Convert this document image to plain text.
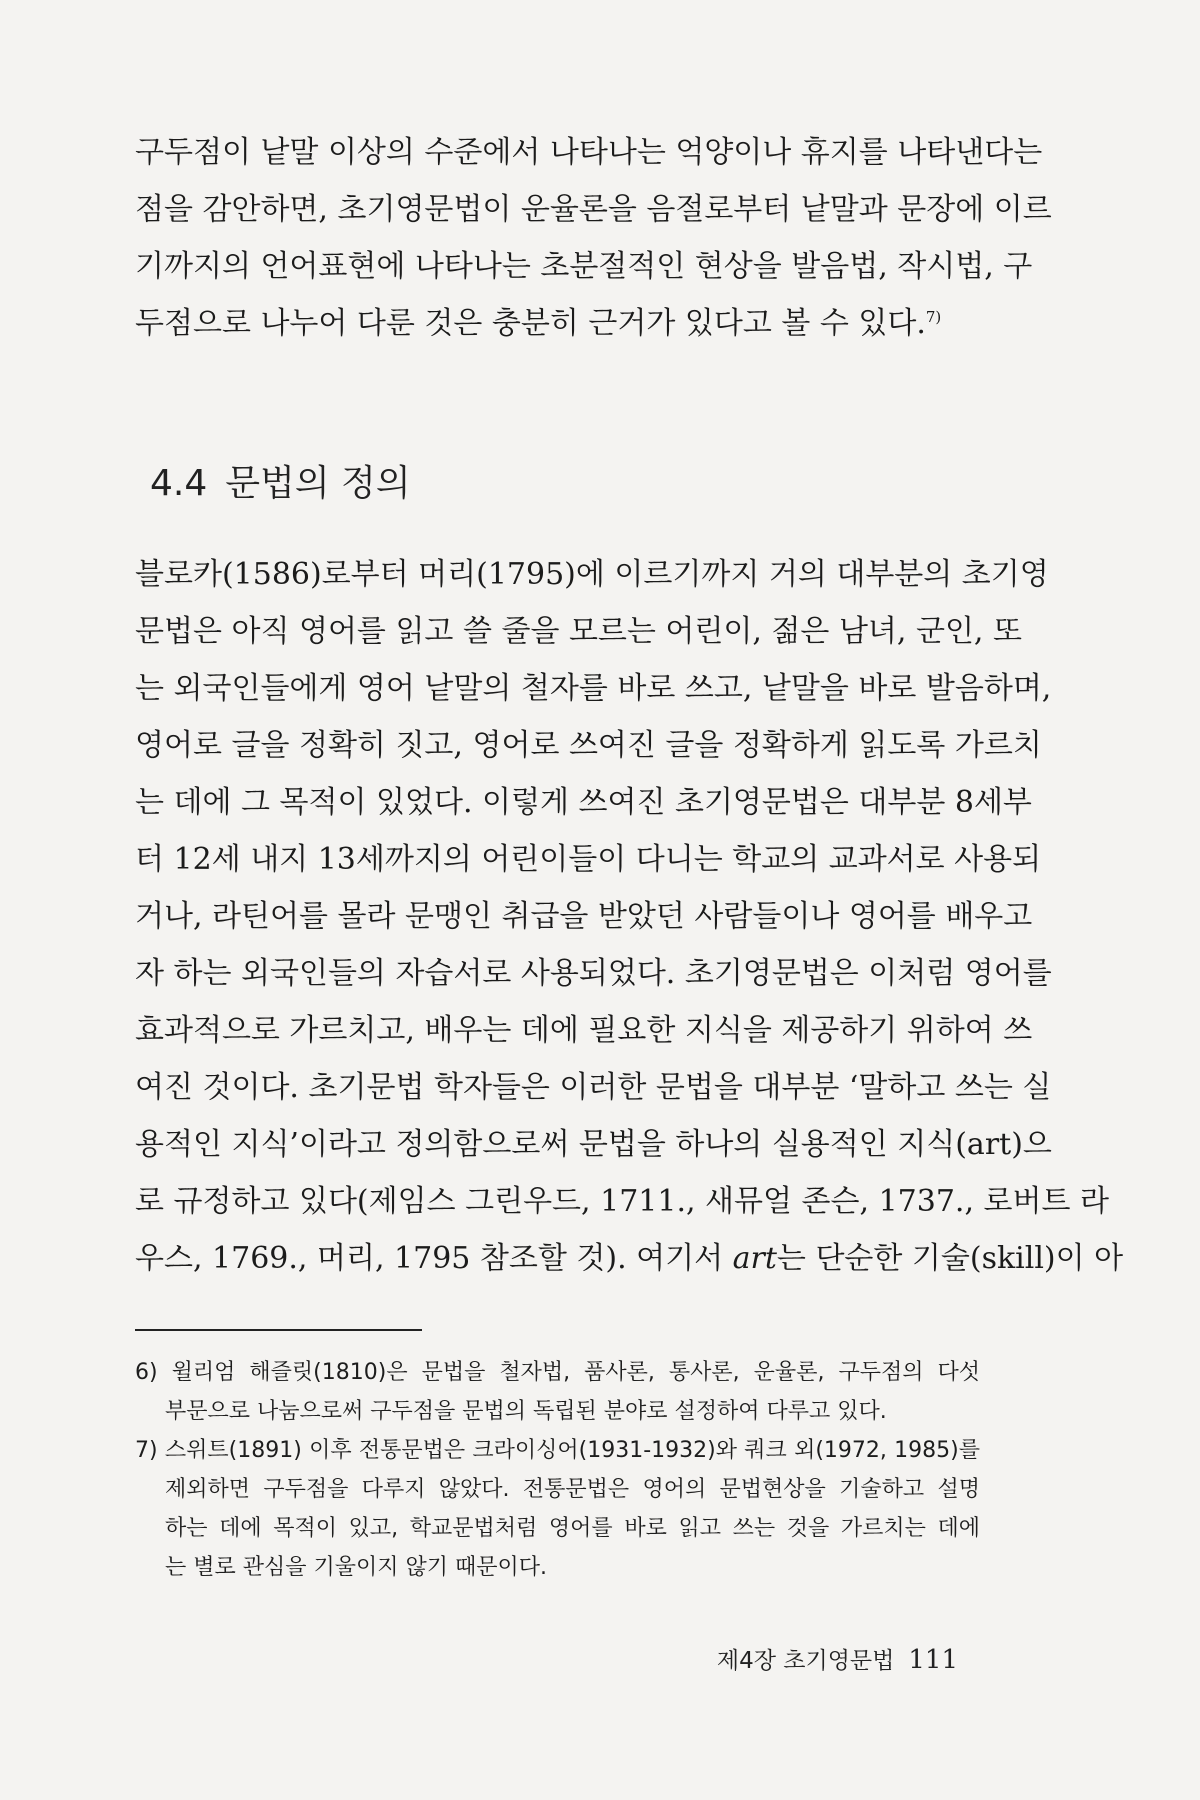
구두점이 낱말 이상의 수준에서 나타나는 억양이나 휴지를 나타낸다는
점을 감안하면, 초기영문법이 운율론을 음절로부터 낱말과 문장에 이르
기까지의 언어표현에 나타나는 초분절적인 현상을 발음법, 작시법, 구
두점으로 나누어 다룬 것은 충분히 근거가 있다고 볼 수 있다.$^{7)}$
4.4 문법의 정의
블로카(1586)로부터 머리(1795)에 이르기까지 거의 대부분의 초기영
문법은 아직 영어를 읽고 쓸 줄을 모르는 어린이, 젊은 남녀, 군인, 또
는 외국인들에게 영어 낱말의 철자를 바로 쓰고, 낱말을 바로 발음하며,
영어로 글을 정확히 짓고, 영어로 쓰여진 글을 정확하게 읽도록 가르치
는 데에 그 목적이 있었다. 이렇게 쓰여진 초기영문법은 대부분 8세부
터 12세 내지 13세까지의 어린이들이 다니는 학교의 교과서로 사용되
거나, 라틴어를 몰라 문맹인 취급을 받았던 사람들이나 영어를 배우고
자 하는 외국인들의 자습서로 사용되었다. 초기영문법은 이처럼 영어를
효과적으로 가르치고, 배우는 데에 필요한 지식을 제공하기 위하여 쓰
여진 것이다. 초기문법 학자들은 이러한 문법을 대부분 ‘말하고 쓰는 실
용적인 지식’이라고 정의함으로써 문법을 하나의 실용적인 지식(art)으
로 규정하고 있다(제임스 그린우드, 1711., 새뮤얼 존슨, 1737., 로버트 라
우스, 1769., 머리, 1795 참조할 것). 여기서 art는 단순한 기술(skill)이 아
6) 윌리엄 해즐릿(1810)은 문법을 철자법, 품사론, 통사론, 운율론, 구두점의 다섯
부문으로 나눔으로써 구두점을 문법의 독립된 분야로 설정하여 다루고 있다.
7) 스위트(1891) 이후 전통문법은 크라이싱어(1931-1932)와 쿼크 외(1972, 1985)를
제외하면 구두점을 다루지 않았다. 전통문법은 영어의 문법현상을 기술하고 설명
하는 데에 목적이 있고, 학교문법처럼 영어를 바로 읽고 쓰는 것을 가르치는 데에
는 별로 관심을 기울이지 않기 때문이다.
제4장 초기영문법 111
